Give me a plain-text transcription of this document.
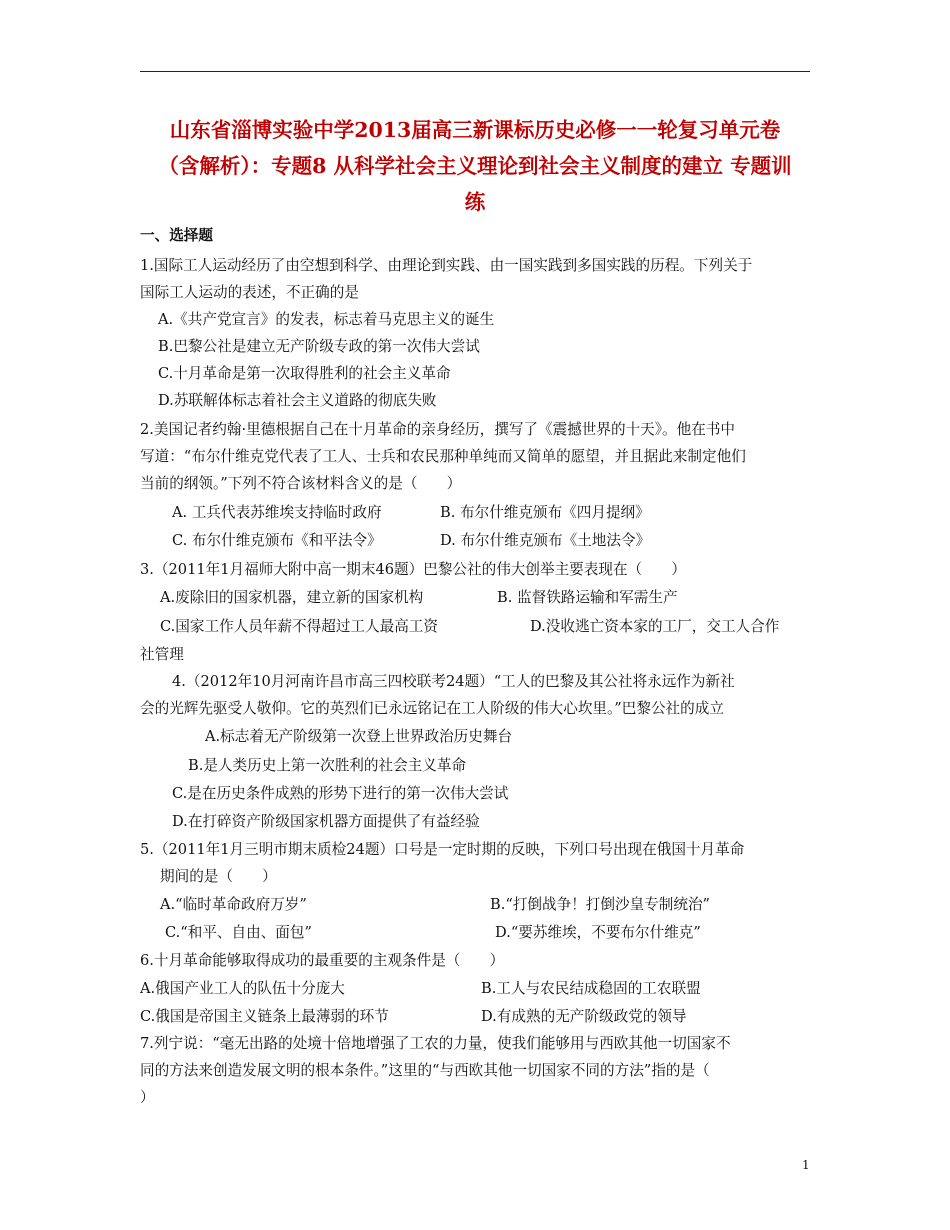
山东省淄博实验中学2013届高三新课标历史必修一一轮复习单元卷
（含解析）：专题8 从科学社会主义理论到社会主义制度的建立 专题训
练
一、选择题
1.国际工人运动经历了由空想到科学、由理论到实践、由一国实践到多国实践的历程。下列关于
国际工人运动的表述，不正确的是
A.《共产党宣言》的发表，标志着马克思主义的诞生
B.巴黎公社是建立无产阶级专政的第一次伟大尝试
C.十月革命是第一次取得胜利的社会主义革命
D.苏联解体标志着社会主义道路的彻底失败
2.美国记者约翰·里德根据自己在十月革命的亲身经历，撰写了《震撼世界的十天》。他在书中
写道：“布尔什维克党代表了工人、士兵和农民那种单纯而又简单的愿望，并且据此来制定他们
当前的纲领。”下列不符合该材料含义的是（　　）
A. 工兵代表苏维埃支持临时政府	B. 布尔什维克颁布《四月提纲》
C. 布尔什维克颁布《和平法令》	D. 布尔什维克颁布《土地法令》
3.（2011年1月福师大附中高一期末46题）巴黎公社的伟大创举主要表现在（　　）
A.废除旧的国家机器，建立新的国家机构	B. 监督铁路运输和军需生产
C.国家工作人员年薪不得超过工人最高工资	D.没收逃亡资本家的工厂，交工人合作
社管理
4.（2012年10月河南许昌市高三四校联考24题）“工人的巴黎及其公社将永远作为新社
会的光辉先驱受人敬仰。它的英烈们已永远铭记在工人阶级的伟大心坎里。”巴黎公社的成立
A.标志着无产阶级第一次登上世界政治历史舞台
B.是人类历史上第一次胜利的社会主义革命
C.是在历史条件成熟的形势下进行的第一次伟大尝试
D.在打碎资产阶级国家机器方面提供了有益经验
5.（2011年1月三明市期末质检24题）口号是一定时期的反映，下列口号出现在俄国十月革命
期间的是（　　）
A.“临时革命政府万岁”	B.“打倒战争！打倒沙皇专制统治”
C.“和平、自由、面包”	D.“要苏维埃，不要布尔什维克”
6.十月革命能够取得成功的最重要的主观条件是（　　）
A.俄国产业工人的队伍十分庞大	B.工人与农民结成稳固的工农联盟
C.俄国是帝国主义链条上最薄弱的环节	D.有成熟的无产阶级政党的领导
7.列宁说：“毫无出路的处境十倍地增强了工农的力量，使我们能够用与西欧其他一切国家不
同的方法来创造发展文明的根本条件。”这里的“与西欧其他一切国家不同的方法”指的是（
）
1
